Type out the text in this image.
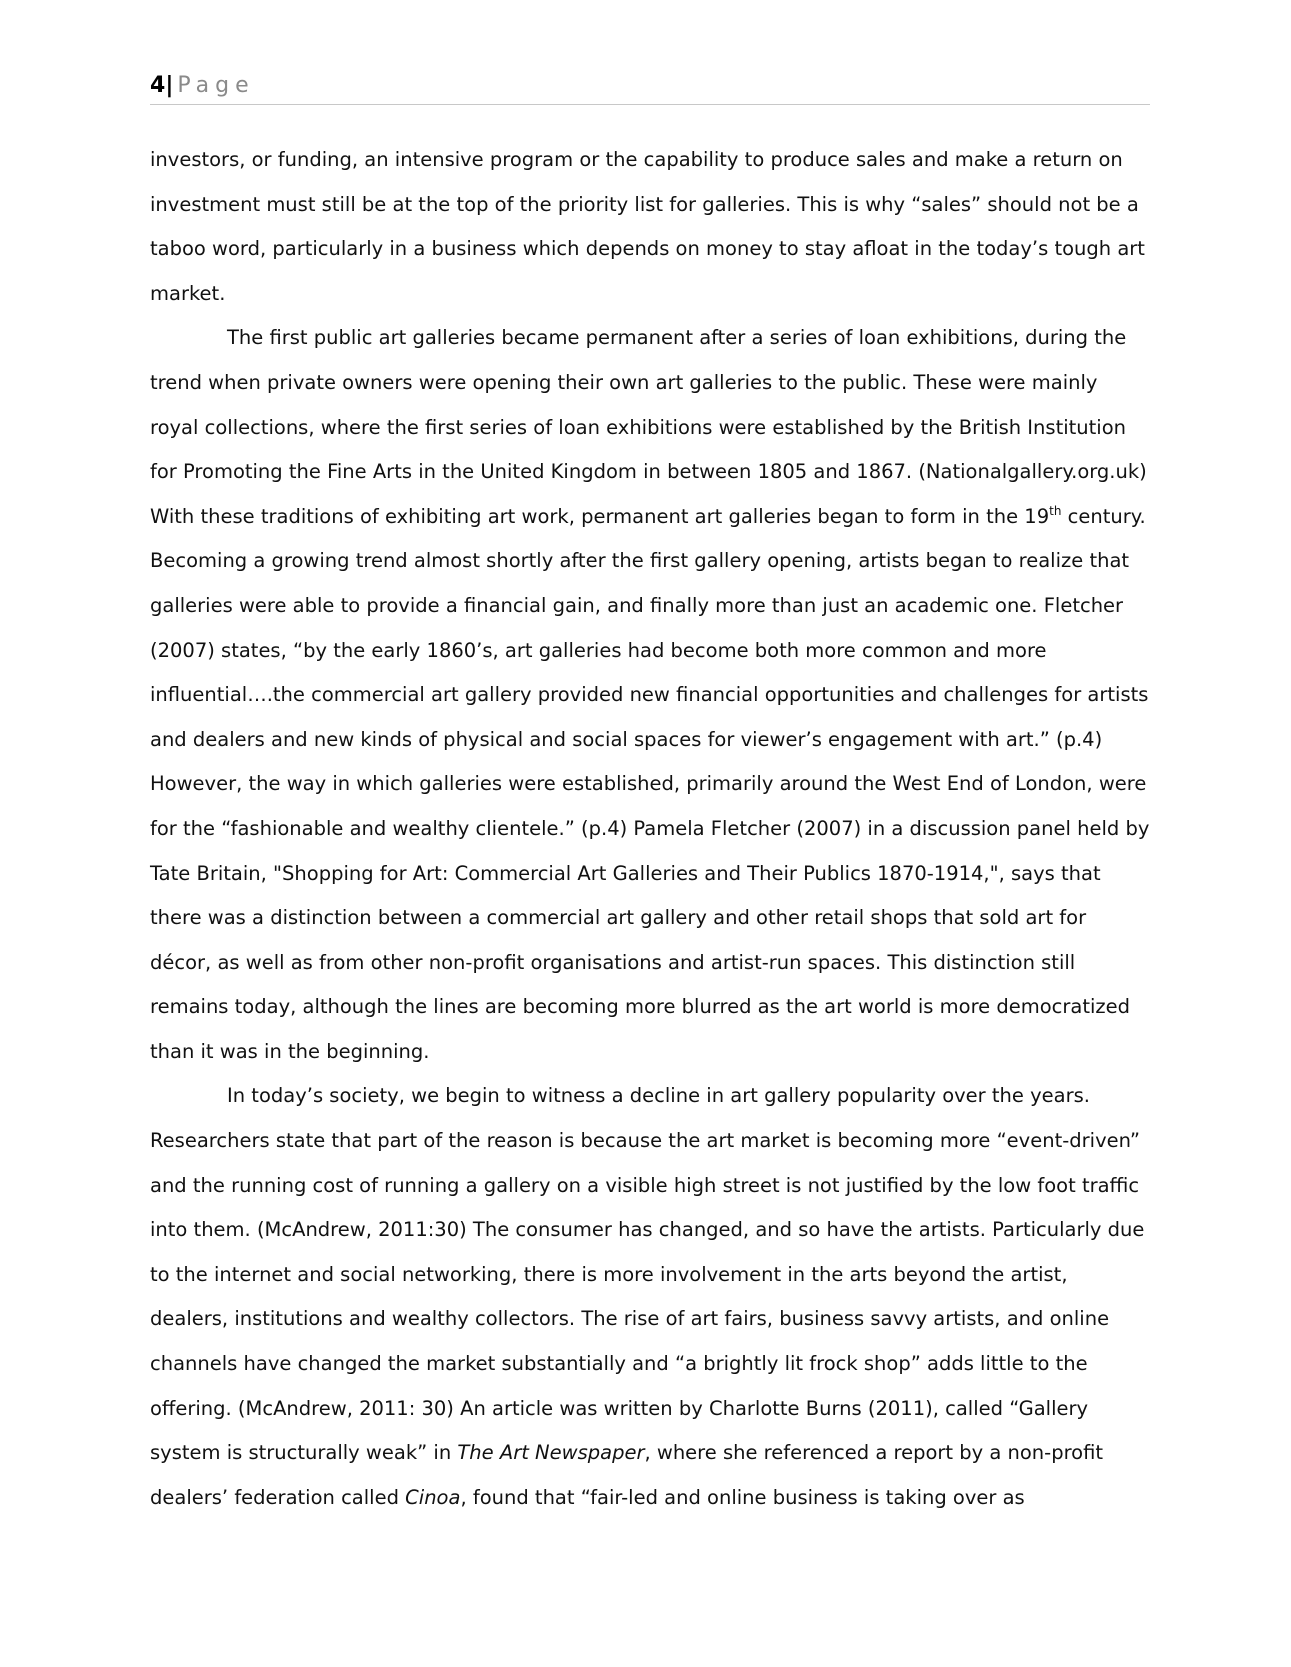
4| Page

investors, or funding, an intensive program or the capability to produce sales and make a return on investment must still be at the top of the priority list for galleries. This is why “sales” should not be a taboo word, particularly in a business which depends on money to stay afloat in the today’s tough art market.

The first public art galleries became permanent after a series of loan exhibitions, during the trend when private owners were opening their own art galleries to the public. These were mainly royal collections, where the first series of loan exhibitions were established by the British Institution for Promoting the Fine Arts in the United Kingdom in between 1805 and 1867. (Nationalgallery.org.uk) With these traditions of exhibiting art work, permanent art galleries began to form in the 19th century. Becoming a growing trend almost shortly after the first gallery opening, artists began to realize that galleries were able to provide a financial gain, and finally more than just an academic one. Fletcher (2007) states, “by the early 1860’s, art galleries had become both more common and more influential….the commercial art gallery provided new financial opportunities and challenges for artists and dealers and new kinds of physical and social spaces for viewer’s engagement with art.” (p.4) However, the way in which galleries were established, primarily around the West End of London, were for the “fashionable and wealthy clientele.” (p.4) Pamela Fletcher (2007) in a discussion panel held by Tate Britain, "Shopping for Art: Commercial Art Galleries and Their Publics 1870-1914,", says that there was a distinction between a commercial art gallery and other retail shops that sold art for décor, as well as from other non-profit organisations and artist-run spaces. This distinction still remains today, although the lines are becoming more blurred as the art world is more democratized than it was in the beginning.

In today’s society, we begin to witness a decline in art gallery popularity over the years. Researchers state that part of the reason is because the art market is becoming more “event-driven” and the running cost of running a gallery on a visible high street is not justified by the low foot traffic into them. (McAndrew, 2011:30) The consumer has changed, and so have the artists. Particularly due to the internet and social networking, there is more involvement in the arts beyond the artist, dealers, institutions and wealthy collectors. The rise of art fairs, business savvy artists, and online channels have changed the market substantially and “a brightly lit frock shop” adds little to the offering. (McAndrew, 2011: 30) An article was written by Charlotte Burns (2011), called “Gallery system is structurally weak” in The Art Newspaper, where she referenced a report by a non-profit dealers’ federation called Cinoa, found that “fair-led and online business is taking over as
